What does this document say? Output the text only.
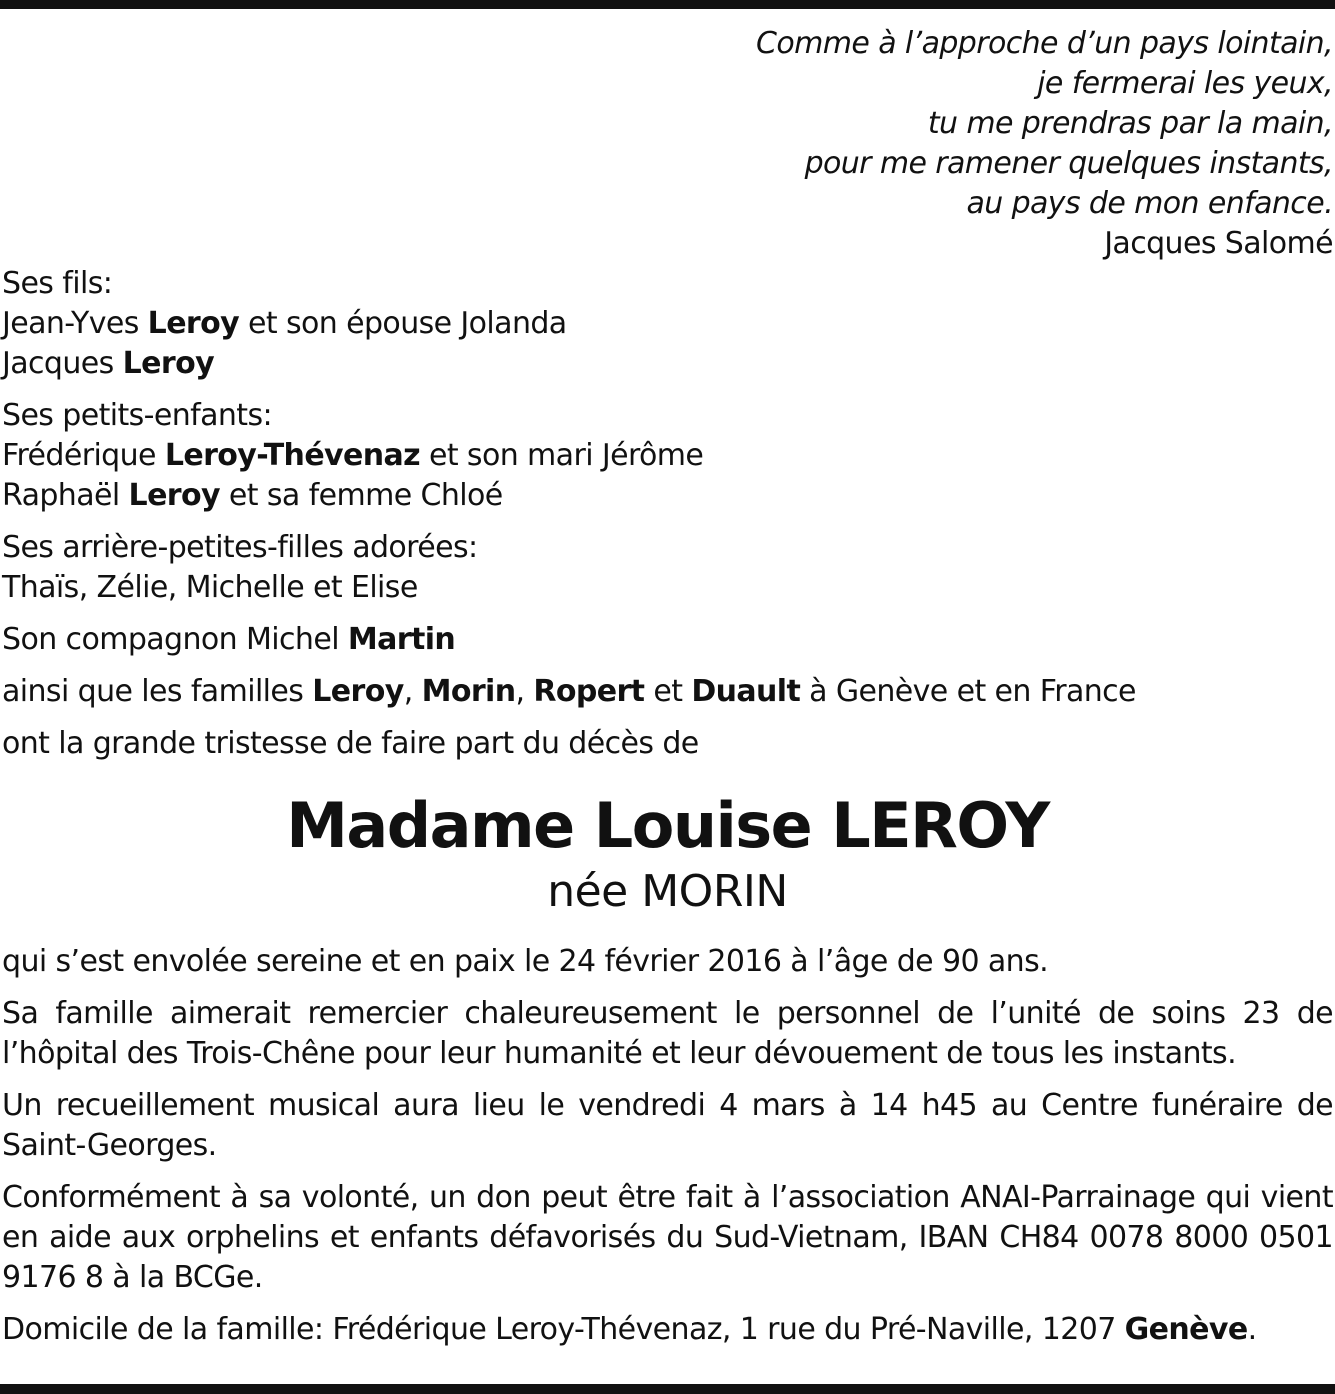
Comme à l’approche d’un pays lointain,
je fermerai les yeux,
tu me prendras par la main,
pour me ramener quelques instants,
au pays de mon enfance.
Jacques Salomé
Ses fils:
Jean-Yves Leroy et son épouse Jolanda
Jacques Leroy
Ses petits-enfants:
Frédérique Leroy-Thévenaz et son mari Jérôme
Raphaël Leroy et sa femme Chloé
Ses arrière-petites-filles adorées:
Thaïs, Zélie, Michelle et Elise
Son compagnon Michel Martin
ainsi que les familles Leroy, Morin, Ropert et Duault à Genève et en France
ont la grande tristesse de faire part du décès de
Madame Louise LEROY
née MORIN
qui s’est envolée sereine et en paix le 24 février 2016 à l’âge de 90 ans.
Sa famille aimerait remercier chaleureusement le personnel de l’unité de soins 23 de l’hôpital des Trois-Chêne pour leur humanité et leur dévouement de tous les instants.
Un recueillement musical aura lieu le vendredi 4 mars à 14 h45 au Centre funéraire de Saint-Georges.
Conformément à sa volonté, un don peut être fait à l’association ANAI-Parrainage qui vient en aide aux orphelins et enfants défavorisés du Sud-Vietnam, IBAN CH84 0078 8000 0501 9176 8 à la BCGe.
Domicile de la famille: Frédérique Leroy-Thévenaz, 1 rue du Pré-Naville, 1207 Genève.
